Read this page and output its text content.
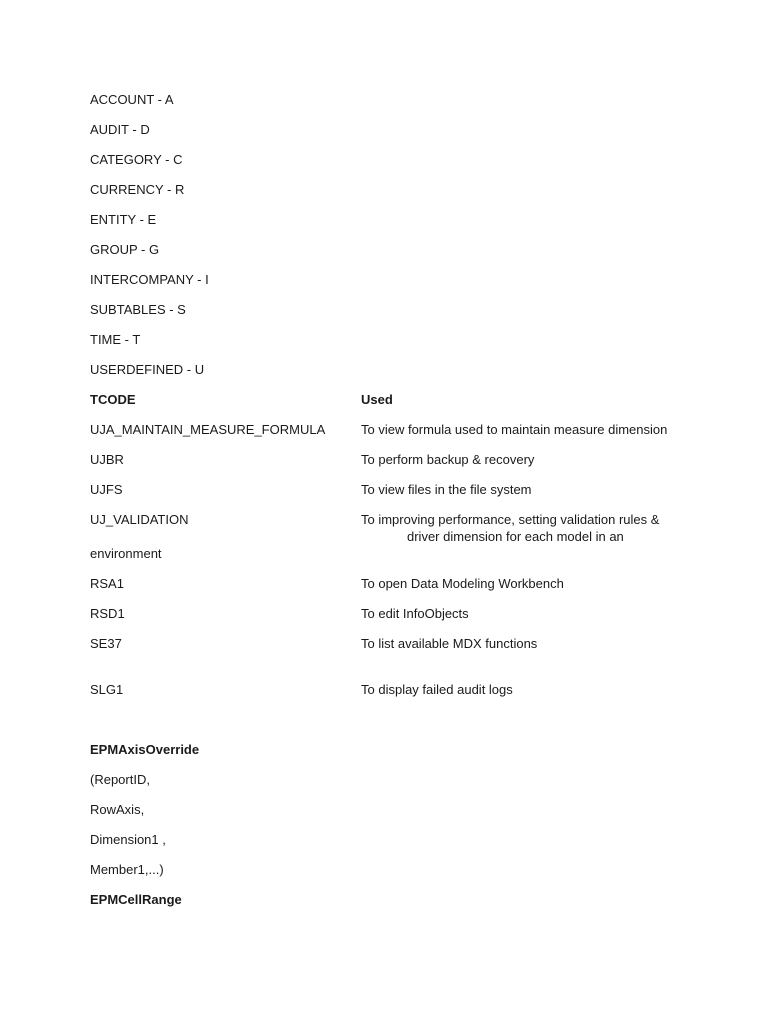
ACCOUNT - A
AUDIT - D
CATEGORY - C
CURRENCY - R
ENTITY - E
GROUP - G
INTERCOMPANY - I
SUBTABLES - S
TIME - T
USERDEFINED - U
TCODE	Used
UJA_MAINTAIN_MEASURE_FORMULA	To view formula used to maintain measure dimension
UJBR	To perform backup & recovery
UJFS	To view files in the file system
UJ_VALIDATION	To improving performance, setting validation rules &
driver dimension for each model in an
environment
RSA1	To open Data Modeling Workbench
RSD1	To edit InfoObjects
SE37	To list available MDX functions
SLG1	To display failed audit logs
EPMAxisOverride
(ReportID,
RowAxis,
Dimension1 ,
Member1,...)
EPMCellRange
